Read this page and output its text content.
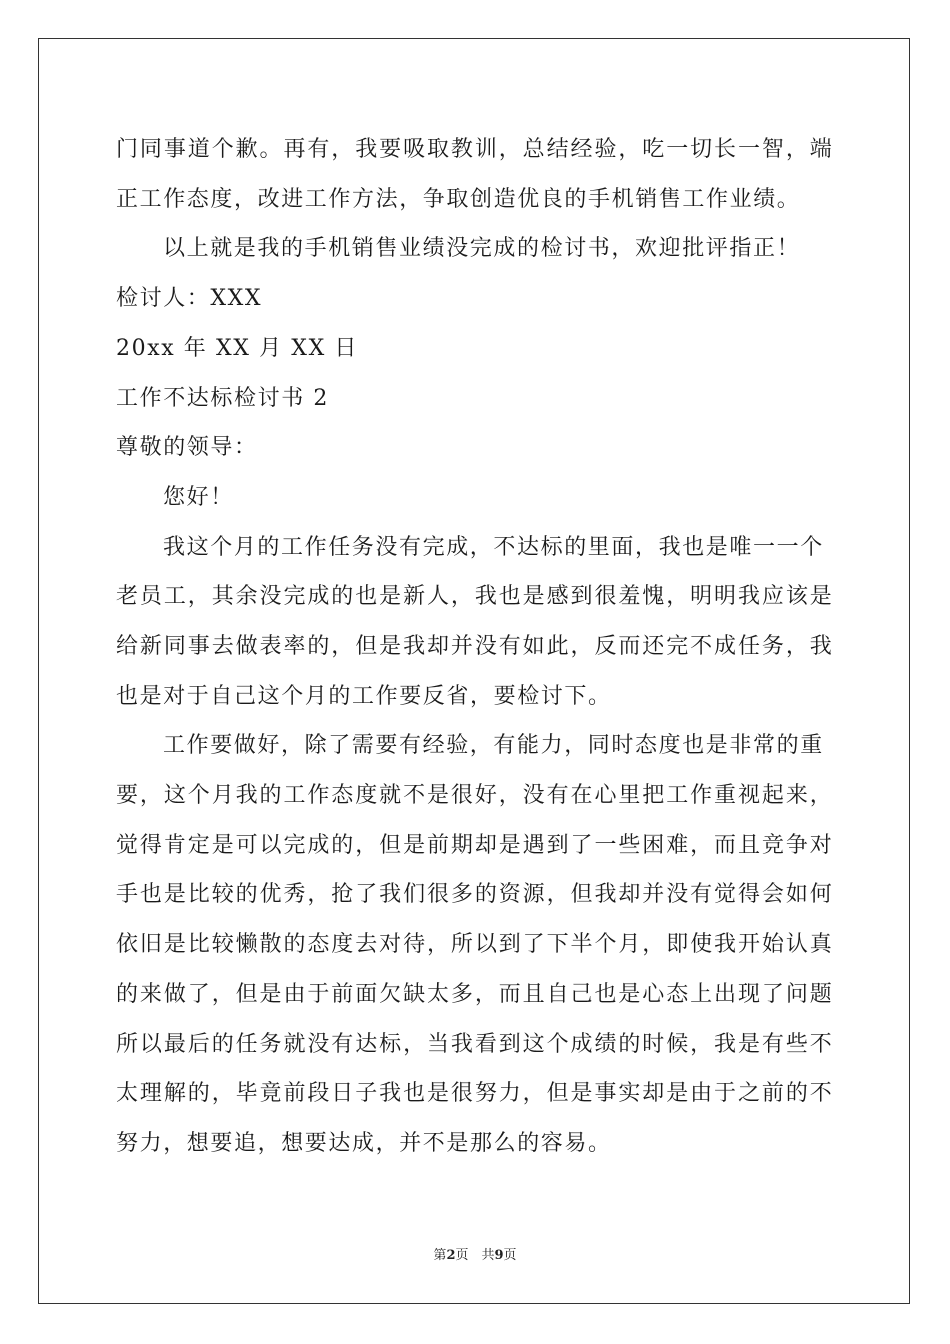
门 同 事 道 个 歉 。 再 有 ， 我 要 吸 取 教 训 ， 总 结 经 验 ， 吃 一 切 长 一 智 ， 端
正工作态度，改进工作方法，争取创造优良的手机销售工作业绩。
以上就是我的手机销售业绩没完成的检讨书，欢迎批评指正！
检讨人：XXX
20xx 年 XX 月 XX 日
工作不达标检讨书 2
尊敬的领导：
您好！
我这个月的工作任务没有完成，不达标的里面，我也是唯一一个
老 员 工 ， 其 余 没 完 成 的 也 是 新 人 ， 我 也 是 感 到 很 羞 愧 ， 明 明 我 应 该 是
给 新 同 事 去 做 表 率 的 ， 但 是 我 却 并 没 有 如 此 ， 反 而 还 完 不 成 任 务 ， 我
也是对于自己这个月的工作要反省，要检讨下。
工作要做好，除了需要有经验，有能力，同时态度也是非常的重
要 ， 这 个 月 我 的 工 作 态 度 就 不 是 很 好 ， 没 有 在 心 里 把 工 作 重 视 起 来 ，
觉 得 肯 定 是 可 以 完 成 的 ， 但 是 前 期 却 是 遇 到 了 一 些 困 难 ， 而 且 竞 争 对
手 也 是 比 较 的 优 秀 ， 抢 了 我 们 很 多 的 资 源 ， 但 我 却 并 没 有 觉 得 会 如 何
依 旧 是 比 较 懒 散 的 态 度 去 对 待 ， 所 以 到 了 下 半 个 月 ， 即 使 我 开 始 认 真
的 来 做 了 ， 但 是 由 于 前 面 欠 缺 太 多 ， 而 且 自 己 也 是 心 态 上 出 现 了 问 题
所 以 最 后 的 任 务 就 没 有 达 标 ， 当 我 看 到 这 个 成 绩 的 时 候 ， 我 是 有 些 不
太 理 解 的 ， 毕 竟 前 段 日 子 我 也 是 很 努 力 ， 但 是 事 实 却 是 由 于 之 前 的 不
努力，想要追，想要达成，并不是那么的容易。
第2页　共9页
